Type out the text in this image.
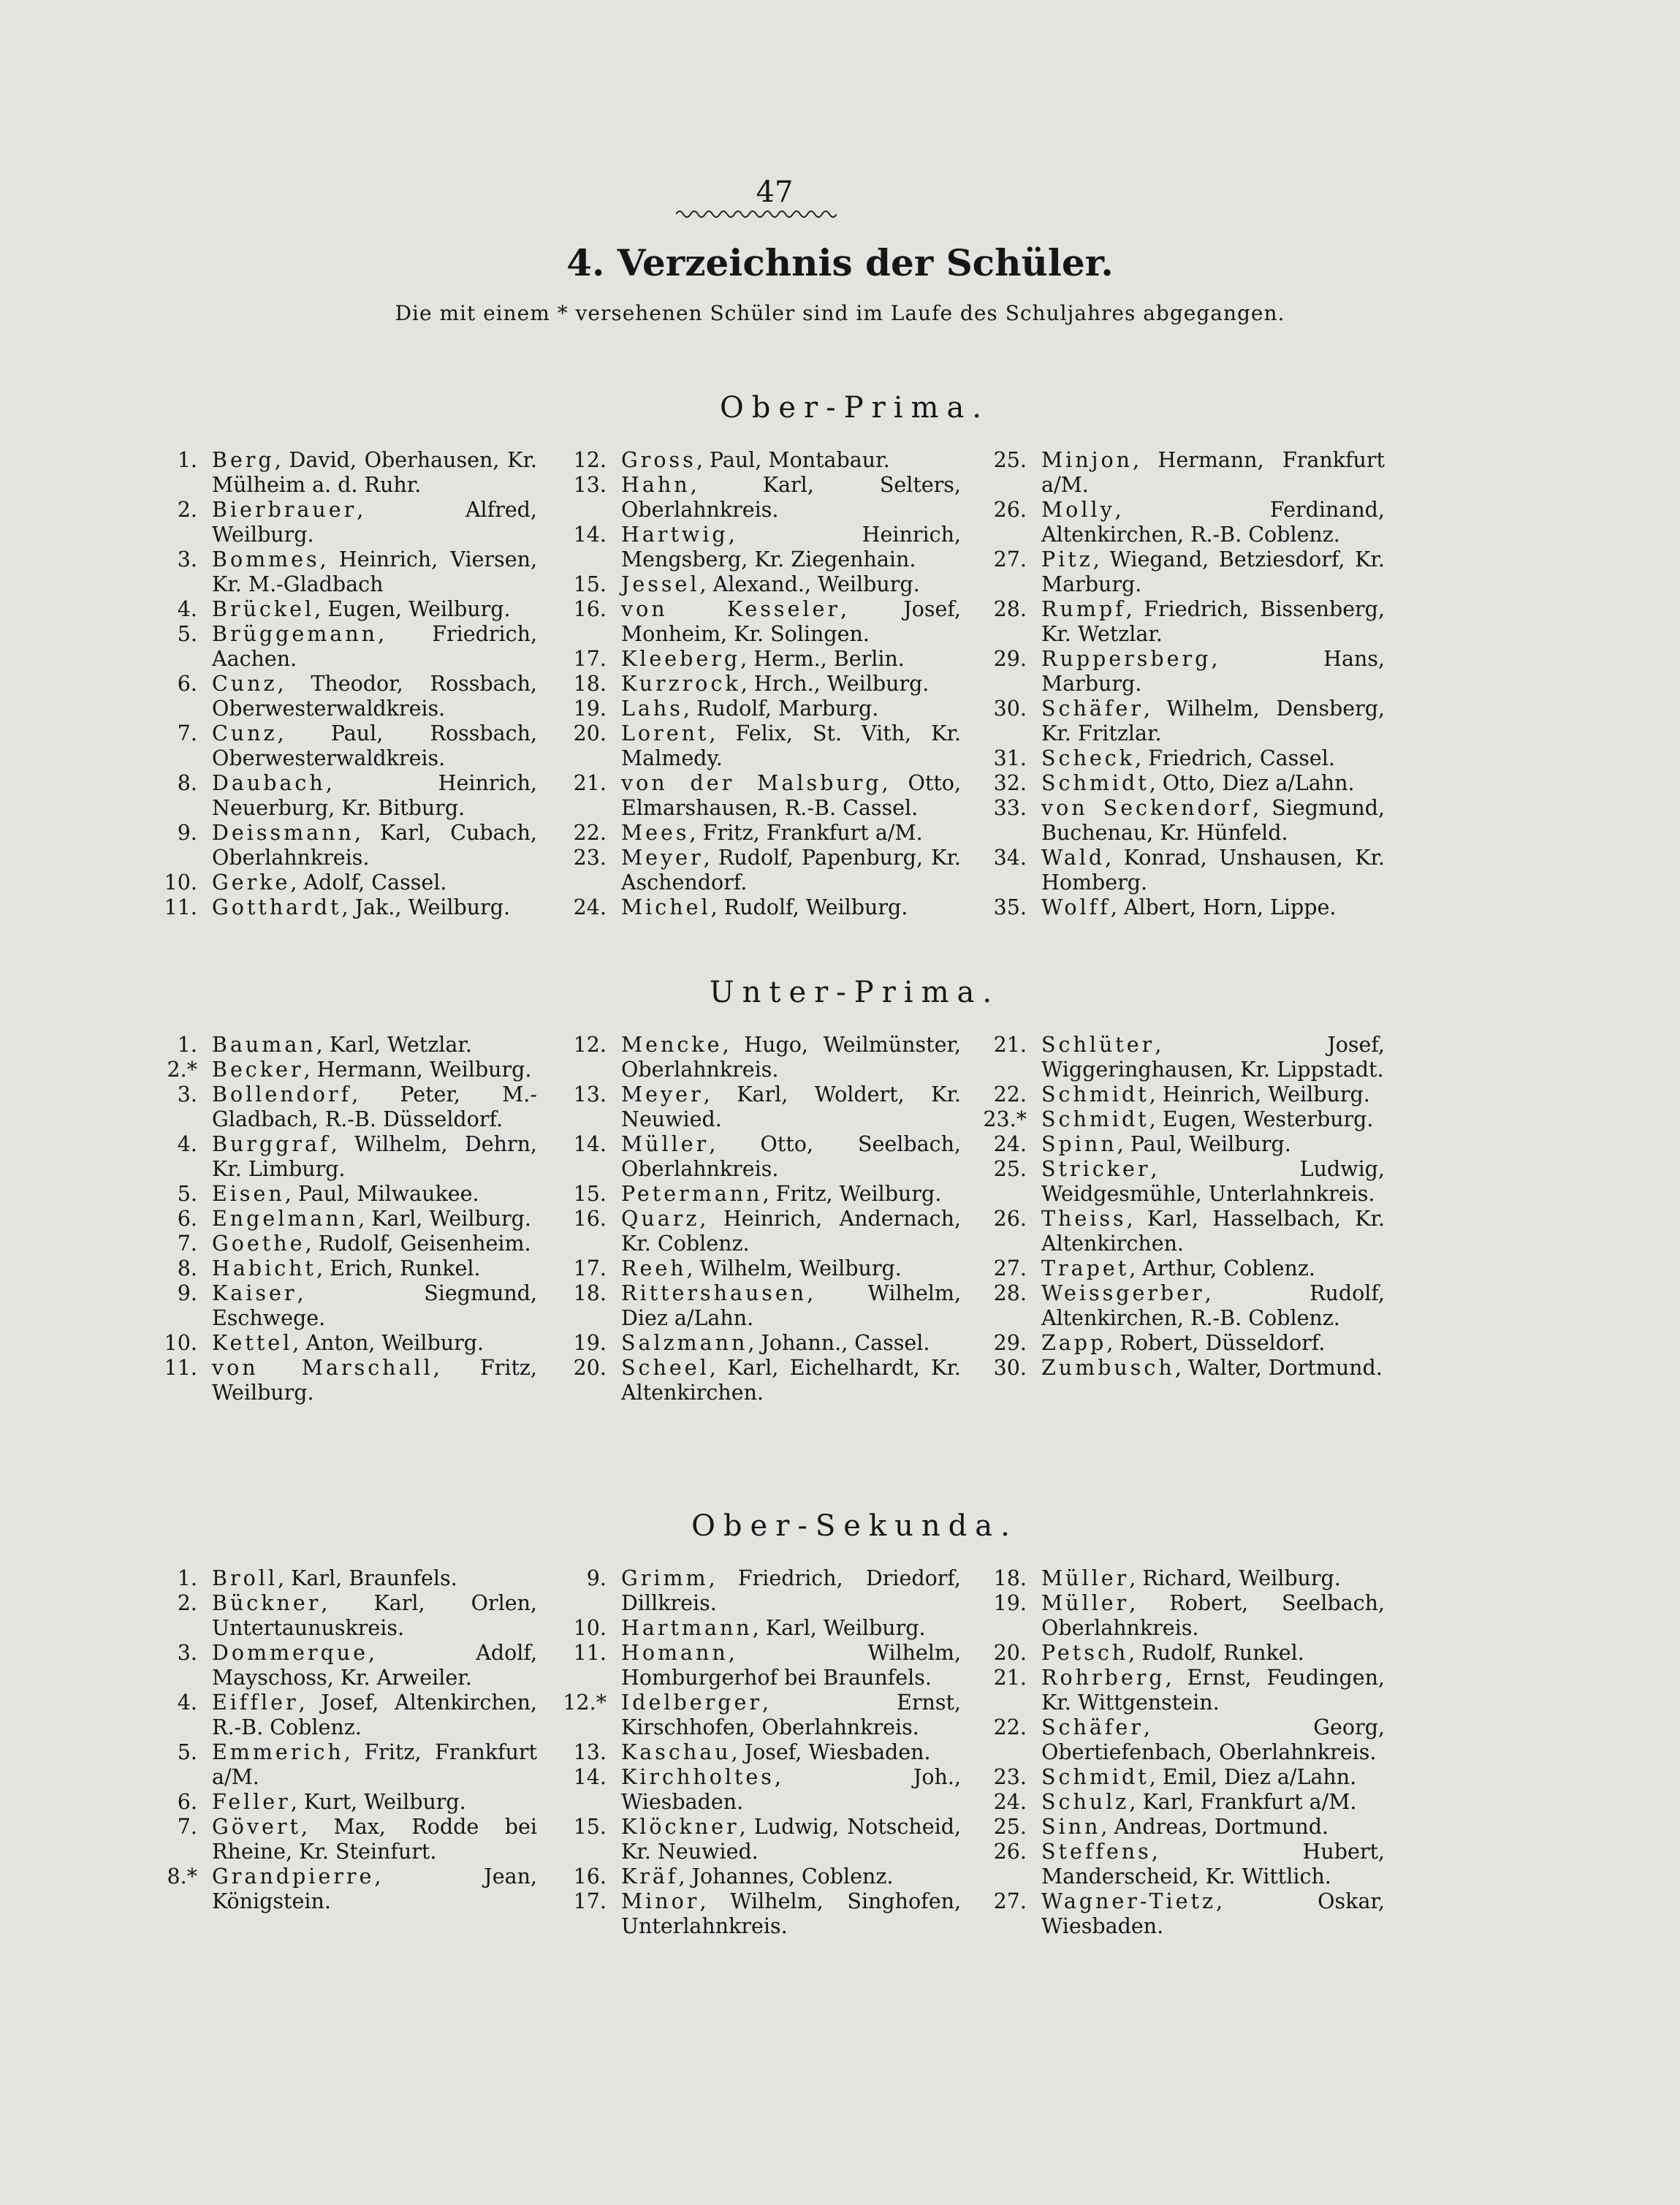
47
4. Verzeichnis der Schüler.
Die mit einem * versehenen Schüler sind im Laufe des Schuljahres abgegangen.
Ober-Prima.
1. Berg, David, Oberhausen, Kr. Mülheim a. d. Ruhr.
2. Bierbrauer, Alfred, Weilburg.
3. Bommes, Heinrich, Viersen, Kr. M.-Gladbach
4. Brückel, Eugen, Weilburg.
5. Brüggemann, Friedrich, Aachen.
6. Cunz, Theodor, Rossbach, Oberwesterwaldkreis.
7. Cunz, Paul, Rossbach, Oberwesterwaldkreis.
8. Daubach, Heinrich, Neuerburg, Kr. Bitburg.
9. Deissmann, Karl, Cubach, Oberlahnkreis.
10. Gerke, Adolf, Cassel.
11. Gotthardt, Jak., Weilburg.
12. Gross, Paul, Montabaur.
13. Hahn, Karl, Selters, Oberlahnkreis.
14. Hartwig, Heinrich, Mengsberg, Kr. Ziegenhain.
15. Jessel, Alexand., Weilburg.
16. von Kesseler, Josef, Monheim, Kr. Solingen.
17. Kleeberg, Herm., Berlin.
18. Kurzrock, Hrch., Weilburg.
19. Lahs, Rudolf, Marburg.
20. Lorent, Felix, St. Vith, Kr. Malmedy.
21. von der Malsburg, Otto, Elmarshausen, R.-B. Cassel.
22. Mees, Fritz, Frankfurt a/M.
23. Meyer, Rudolf, Papenburg, Kr. Aschendorf.
24. Michel, Rudolf, Weilburg.
25. Minjon, Hermann, Frankfurt a/M.
26. Molly, Ferdinand, Altenkirchen, R.-B. Coblenz.
27. Pitz, Wiegand, Betziesdorf, Kr. Marburg.
28. Rumpf, Friedrich, Bissenberg, Kr. Wetzlar.
29. Ruppersberg, Hans, Marburg.
30. Schäfer, Wilhelm, Densberg, Kr. Fritzlar.
31. Scheck, Friedrich, Cassel.
32. Schmidt, Otto, Diez a/Lahn.
33. von Seckendorf, Siegmund, Buchenau, Kr. Hünfeld.
34. Wald, Konrad, Unshausen, Kr. Homberg.
35. Wolff, Albert, Horn, Lippe.
Unter-Prima.
1. Bauman, Karl, Wetzlar.
2.* Becker, Hermann, Weilburg.
3. Bollendorf, Peter, M.-Gladbach, R.-B. Düsseldorf.
4. Burggraf, Wilhelm, Dehrn, Kr. Limburg.
5. Eisen, Paul, Milwaukee.
6. Engelmann, Karl, Weilburg.
7. Goethe, Rudolf, Geisenheim.
8. Habicht, Erich, Runkel.
9. Kaiser, Siegmund, Eschwege.
10. Kettel, Anton, Weilburg.
11. von Marschall, Fritz, Weilburg.
12. Mencke, Hugo, Weilmünster, Oberlahnkreis.
13. Meyer, Karl, Woldert, Kr. Neuwied.
14. Müller, Otto, Seelbach, Oberlahnkreis.
15. Petermann, Fritz, Weilburg.
16. Quarz, Heinrich, Andernach, Kr. Coblenz.
17. Reeh, Wilhelm, Weilburg.
18. Rittershausen, Wilhelm, Diez a/Lahn.
19. Salzmann, Johann., Cassel.
20. Scheel, Karl, Eichelhardt, Kr. Altenkirchen.
21. Schlüter, Josef, Wiggeringhausen, Kr. Lippstadt.
22. Schmidt, Heinrich, Weilburg.
23.* Schmidt, Eugen, Westerburg.
24. Spinn, Paul, Weilburg.
25. Stricker, Ludwig, Weidgesmühle, Unterlahnkreis.
26. Theiss, Karl, Hasselbach, Kr. Altenkirchen.
27. Trapet, Arthur, Coblenz.
28. Weissgerber, Rudolf, Altenkirchen, R.-B. Coblenz.
29. Zapp, Robert, Düsseldorf.
30. Zumbusch, Walter, Dortmund.
Ober-Sekunda.
1. Broll, Karl, Braunfels.
2. Bückner, Karl, Orlen, Untertaunuskreis.
3. Dommerque, Adolf, Mayschoss, Kr. Arweiler.
4. Eiffler, Josef, Altenkirchen, R.-B. Coblenz.
5. Emmerich, Fritz, Frankfurt a/M.
6. Feller, Kurt, Weilburg.
7. Gövert, Max, Rodde bei Rheine, Kr. Steinfurt.
8.* Grandpierre, Jean, Königstein.
9. Grimm, Friedrich, Driedorf, Dillkreis.
10. Hartmann, Karl, Weilburg.
11. Homann, Wilhelm, Homburgerhof bei Braunfels.
12.* Idelberger, Ernst, Kirschhofen, Oberlahnkreis.
13. Kaschau, Josef, Wiesbaden.
14. Kirchholtes, Joh., Wiesbaden.
15. Klöckner, Ludwig, Notscheid, Kr. Neuwied.
16. Kräf, Johannes, Coblenz.
17. Minor, Wilhelm, Singhofen, Unterlahnkreis.
18. Müller, Richard, Weilburg.
19. Müller, Robert, Seelbach, Oberlahnkreis.
20. Petsch, Rudolf, Runkel.
21. Rohrberg, Ernst, Feudingen, Kr. Wittgenstein.
22. Schäfer, Georg, Obertiefenbach, Oberlahnkreis.
23. Schmidt, Emil, Diez a/Lahn.
24. Schulz, Karl, Frankfurt a/M.
25. Sinn, Andreas, Dortmund.
26. Steffens, Hubert, Manderscheid, Kr. Wittlich.
27. Wagner-Tietz, Oskar, Wiesbaden.
